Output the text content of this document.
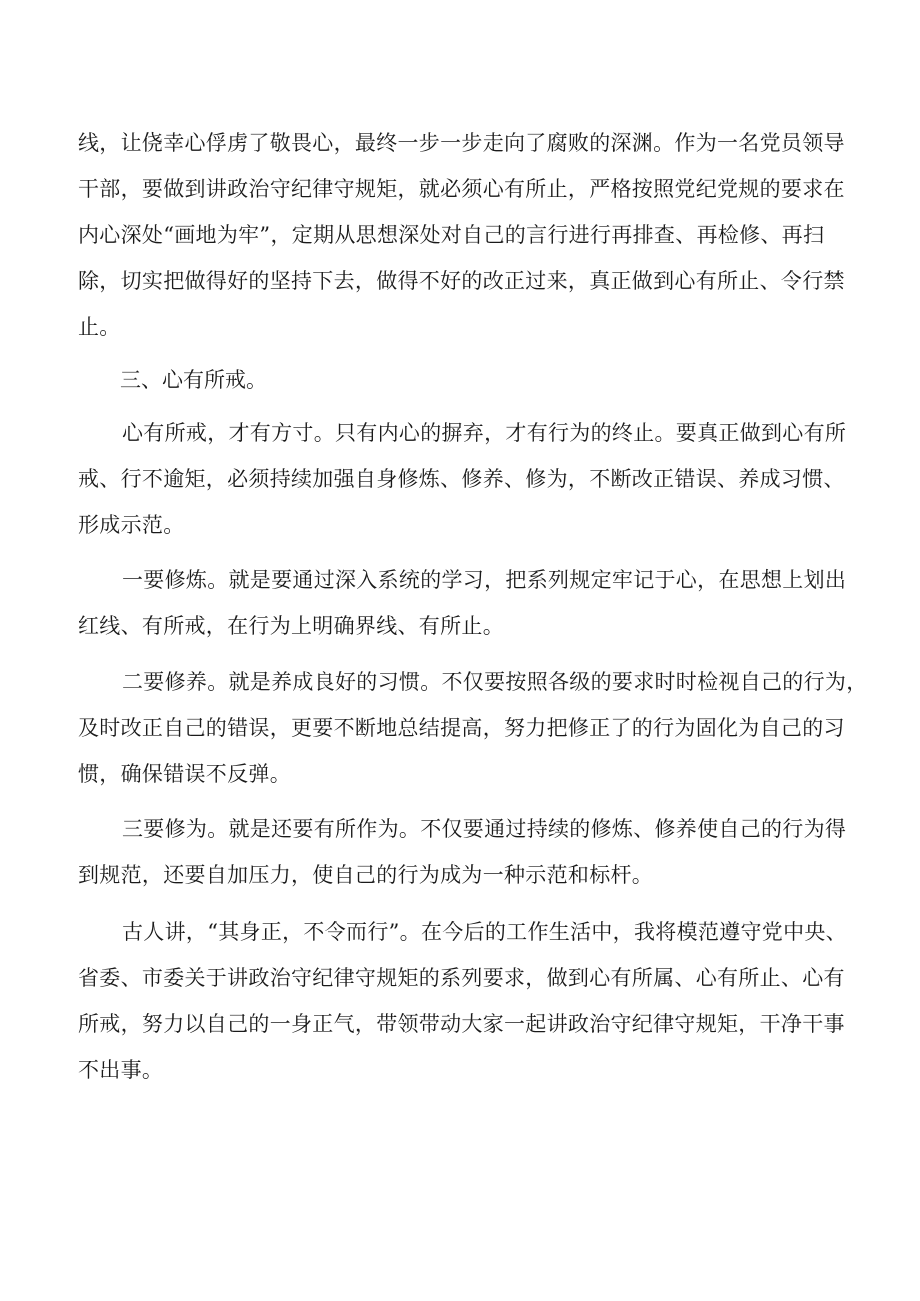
线，让侥幸心俘虏了敬畏心，最终一步一步走向了腐败的深渊。作为一名党员领导
干部，要做到讲政治守纪律守规矩，就必须心有所止，严格按照党纪党规的要求在
内心深处“画地为牢”，定期从思想深处对自己的言行进行再排查、再检修、再扫
除，切实把做得好的坚持下去，做得不好的改正过来，真正做到心有所止、令行禁
止。
三、心有所戒。
心有所戒，才有方寸。只有内心的摒弃，才有行为的终止。要真正做到心有所
戒、行不逾矩，必须持续加强自身修炼、修养、修为，不断改正错误、养成习惯、
形成示范。
一要修炼。就是要通过深入系统的学习，把系列规定牢记于心，在思想上划出
红线、有所戒，在行为上明确界线、有所止。
二要修养。就是养成良好的习惯。不仅要按照各级的要求时时检视自己的行为，
及时改正自己的错误，更要不断地总结提高，努力把修正了的行为固化为自己的习
惯，确保错误不反弹。
三要修为。就是还要有所作为。不仅要通过持续的修炼、修养使自己的行为得
到规范，还要自加压力，使自己的行为成为一种示范和标杆。
古人讲，“其身正，不令而行”。在今后的工作生活中，我将模范遵守党中央、
省委、市委关于讲政治守纪律守规矩的系列要求，做到心有所属、心有所止、心有
所戒，努力以自己的一身正气，带领带动大家一起讲政治守纪律守规矩，干净干事
不出事。
